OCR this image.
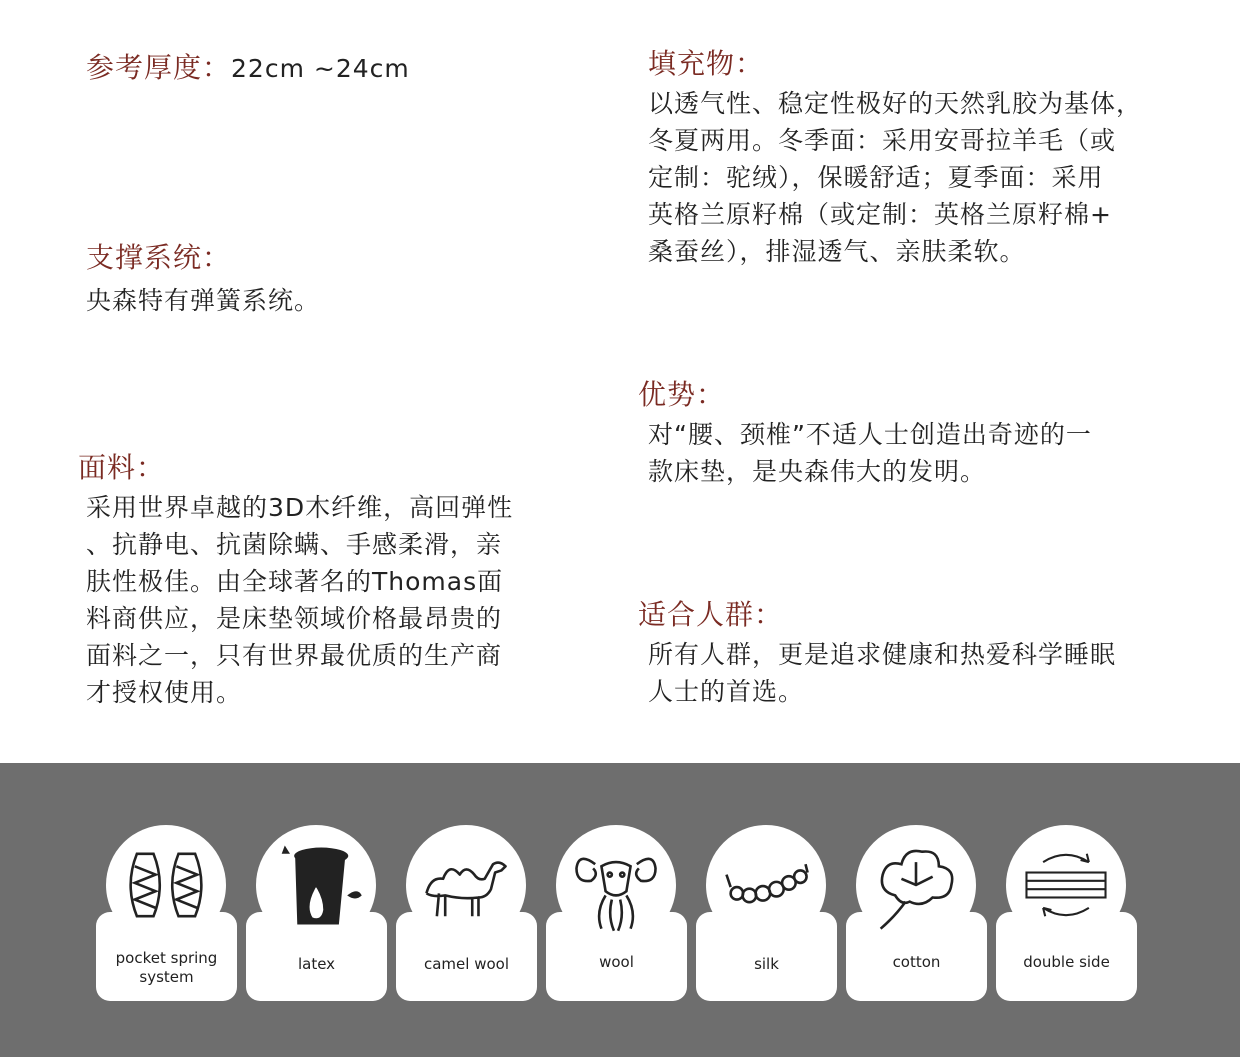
参考厚度：22cm ~24cm
支撑系统：
央森特有弹簧系统。
面料：
采用世界卓越的3D木纤维，高回弹性
、抗静电、抗菌除螨、手感柔滑，亲
肤性极佳。由全球著名的Thomas面
料商供应，是床垫领域价格最昂贵的
面料之一，只有世界最优质的生产商
才授权使用。
填充物：
以透气性、稳定性极好的天然乳胶为基体，
冬夏两用。冬季面：采用安哥拉羊毛（或
定制：驼绒），保暖舒适；夏季面：采用
英格兰原籽棉（或定制：英格兰原籽棉+
桑蚕丝），排湿透气、亲肤柔软。
优势：
对“腰、颈椎”不适人士创造出奇迹的一
款床垫，是央森伟大的发明。
适合人群：
所有人群，更是追求健康和热爱科学睡眠
人士的首选。
pocket spring
system
latex	camel wool	wool	silk	cotton	double side
